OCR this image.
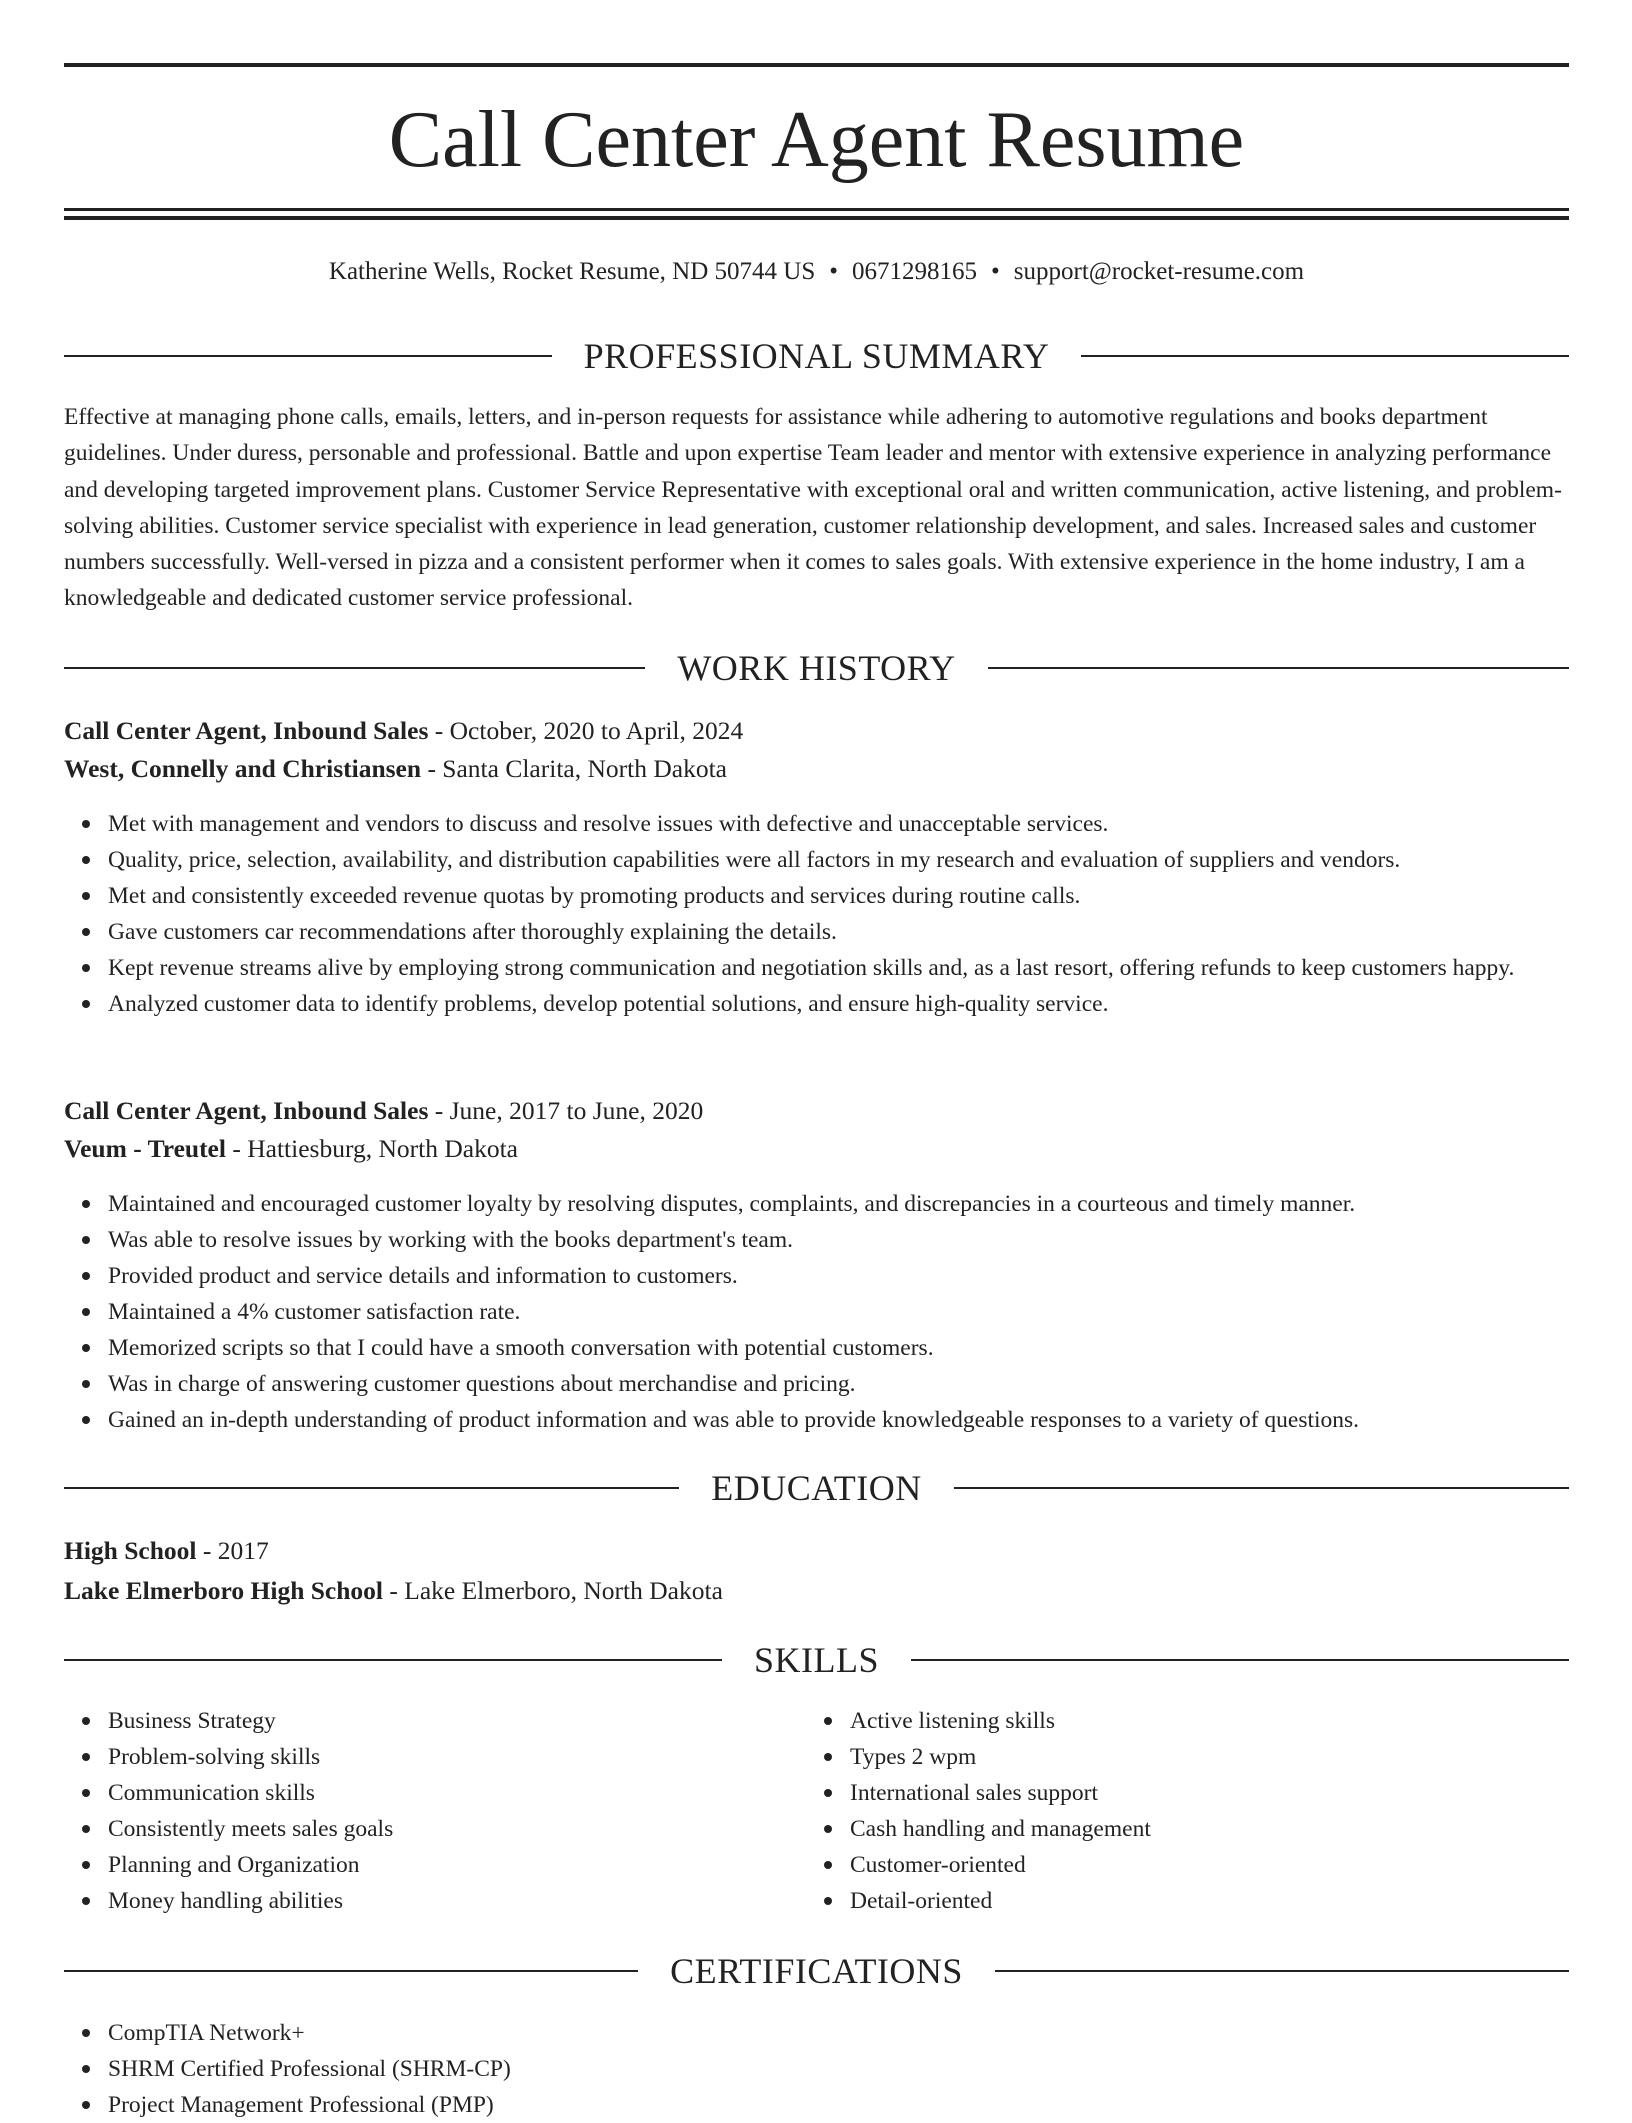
Call Center Agent Resume
Katherine Wells, Rocket Resume, ND 50744 US • 0671298165 • support@rocket-resume.com
PROFESSIONAL SUMMARY

Effective at managing phone calls, emails, letters, and in-person requests for assistance while adhering to automotive regulations and books department guidelines. Under duress, personable and professional. Battle and upon expertise Team leader and mentor with extensive experience in analyzing performance and developing targeted improvement plans. Customer Service Representative with exceptional oral and written communication, active listening, and problem-solving abilities. Customer service specialist with experience in lead generation, customer relationship development, and sales. Increased sales and customer numbers successfully. Well-versed in pizza and a consistent performer when it comes to sales goals. With extensive experience in the home industry, I am a knowledgeable and dedicated customer service professional.

WORK HISTORY
Call Center Agent, Inbound Sales - October, 2020 to April, 2024
West, Connelly and Christiansen - Santa Clarita, North Dakota
Met with management and vendors to discuss and resolve issues with defective and unacceptable services.
Quality, price, selection, availability, and distribution capabilities were all factors in my research and evaluation of suppliers and vendors.
Met and consistently exceeded revenue quotas by promoting products and services during routine calls.
Gave customers car recommendations after thoroughly explaining the details.
Kept revenue streams alive by employing strong communication and negotiation skills and, as a last resort, offering refunds to keep customers happy.
Analyzed customer data to identify problems, develop potential solutions, and ensure high-quality service.
Call Center Agent, Inbound Sales - June, 2017 to June, 2020
Veum - Treutel - Hattiesburg, North Dakota
Maintained and encouraged customer loyalty by resolving disputes, complaints, and discrepancies in a courteous and timely manner.
Was able to resolve issues by working with the books department's team.
Provided product and service details and information to customers.
Maintained a 4% customer satisfaction rate.
Memorized scripts so that I could have a smooth conversation with potential customers.
Was in charge of answering customer questions about merchandise and pricing.
Gained an in-depth understanding of product information and was able to provide knowledgeable responses to a variety of questions.
EDUCATION
High School - 2017
Lake Elmerboro High School - Lake Elmerboro, North Dakota
SKILLS
Business Strategy
Problem-solving skills
Communication skills
Consistently meets sales goals
Planning and Organization
Money handling abilities
Active listening skills
Types 2 wpm
International sales support
Cash handling and management
Customer-oriented
Detail-oriented
CERTIFICATIONS
CompTIA Network+
SHRM Certified Professional (SHRM-CP)
Project Management Professional (PMP)
